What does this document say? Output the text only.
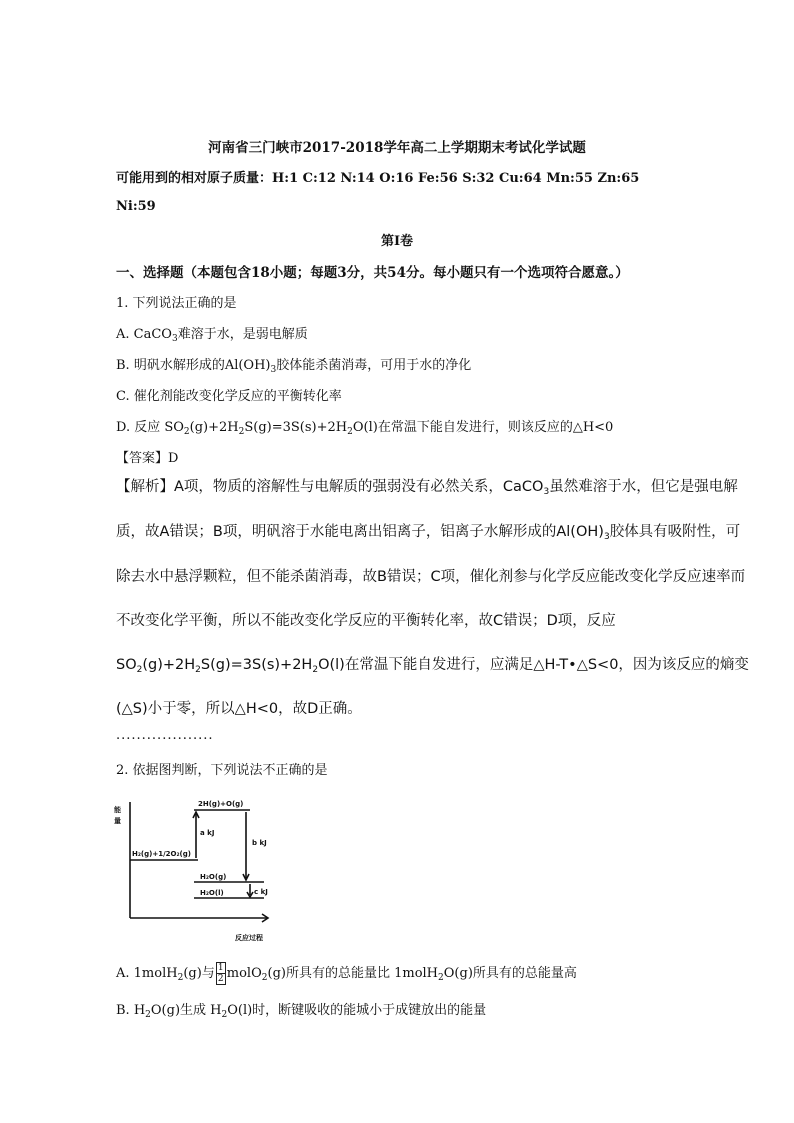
河南省三门峡市2017-2018学年高二上学期期末考试化学试题
可能用到的相对原子质量：H:1 C:12 N:14 O:16 Fe:56 S:32 Cu:64 Mn:55 Zn:65
Ni:59
第Ⅰ卷
一、选择题（本题包含18小题；每题3分，共54分。每小题只有一个选项符合愿意。）
1. 下列说法正确的是
A. CaCO$_3$难溶于水，是弱电解质
B. 明矾水解形成的$Al(OH)_3$胶体能杀菌消毒，可用于水的净化
C. 催化剂能改变化学反应的平衡转化率
D. 反应 $SO_2(g)+2H_2S(g)=3S(s)+2H_2O(l)$在常温下能自发进行，则该反应的△H<0
【答案】D
【解析】A项，物质的溶解性与电解质的强弱没有必然关系，CaCO$_3$虽然难溶于水，但它是强电解
质，故A错误；B项，明矾溶于水能电离出铝离子，铝离子水解形成的$Al(OH)_3$胶体具有吸附性，可
除去水中悬浮颗粒，但不能杀菌消毒，故B错误；C项，催化剂参与化学反应能改变化学反应速率而
不改变化学平衡，所以不能改变化学反应的平衡转化率，故C错误；D项，反应
$SO_2(g)+2H_2S(g)=3S(s)+2H_2O(l)$在常温下能自发进行，应满足△H-T•△S<0，因为该反应的熵变
(△S)小于零，所以△H<0，故D正确。
...................
2. 依据图判断，下列说法不正确的是
能
量
2H(g)+O(g)
H₂(g)+1/2O₂(g)
a kJ
b kJ
H₂O(g)
H₂O(l)	c kJ
反应过程
A. 1molH$_2$(g)与 $\frac{1}{2}$ molO$_2$(g)所具有的总能量比 1molH$_2$O(g)所具有的总能量高
B. $H_2O(g)$生成 $H_2O(l)$时，断键吸收的能城小于成键放出的能量
